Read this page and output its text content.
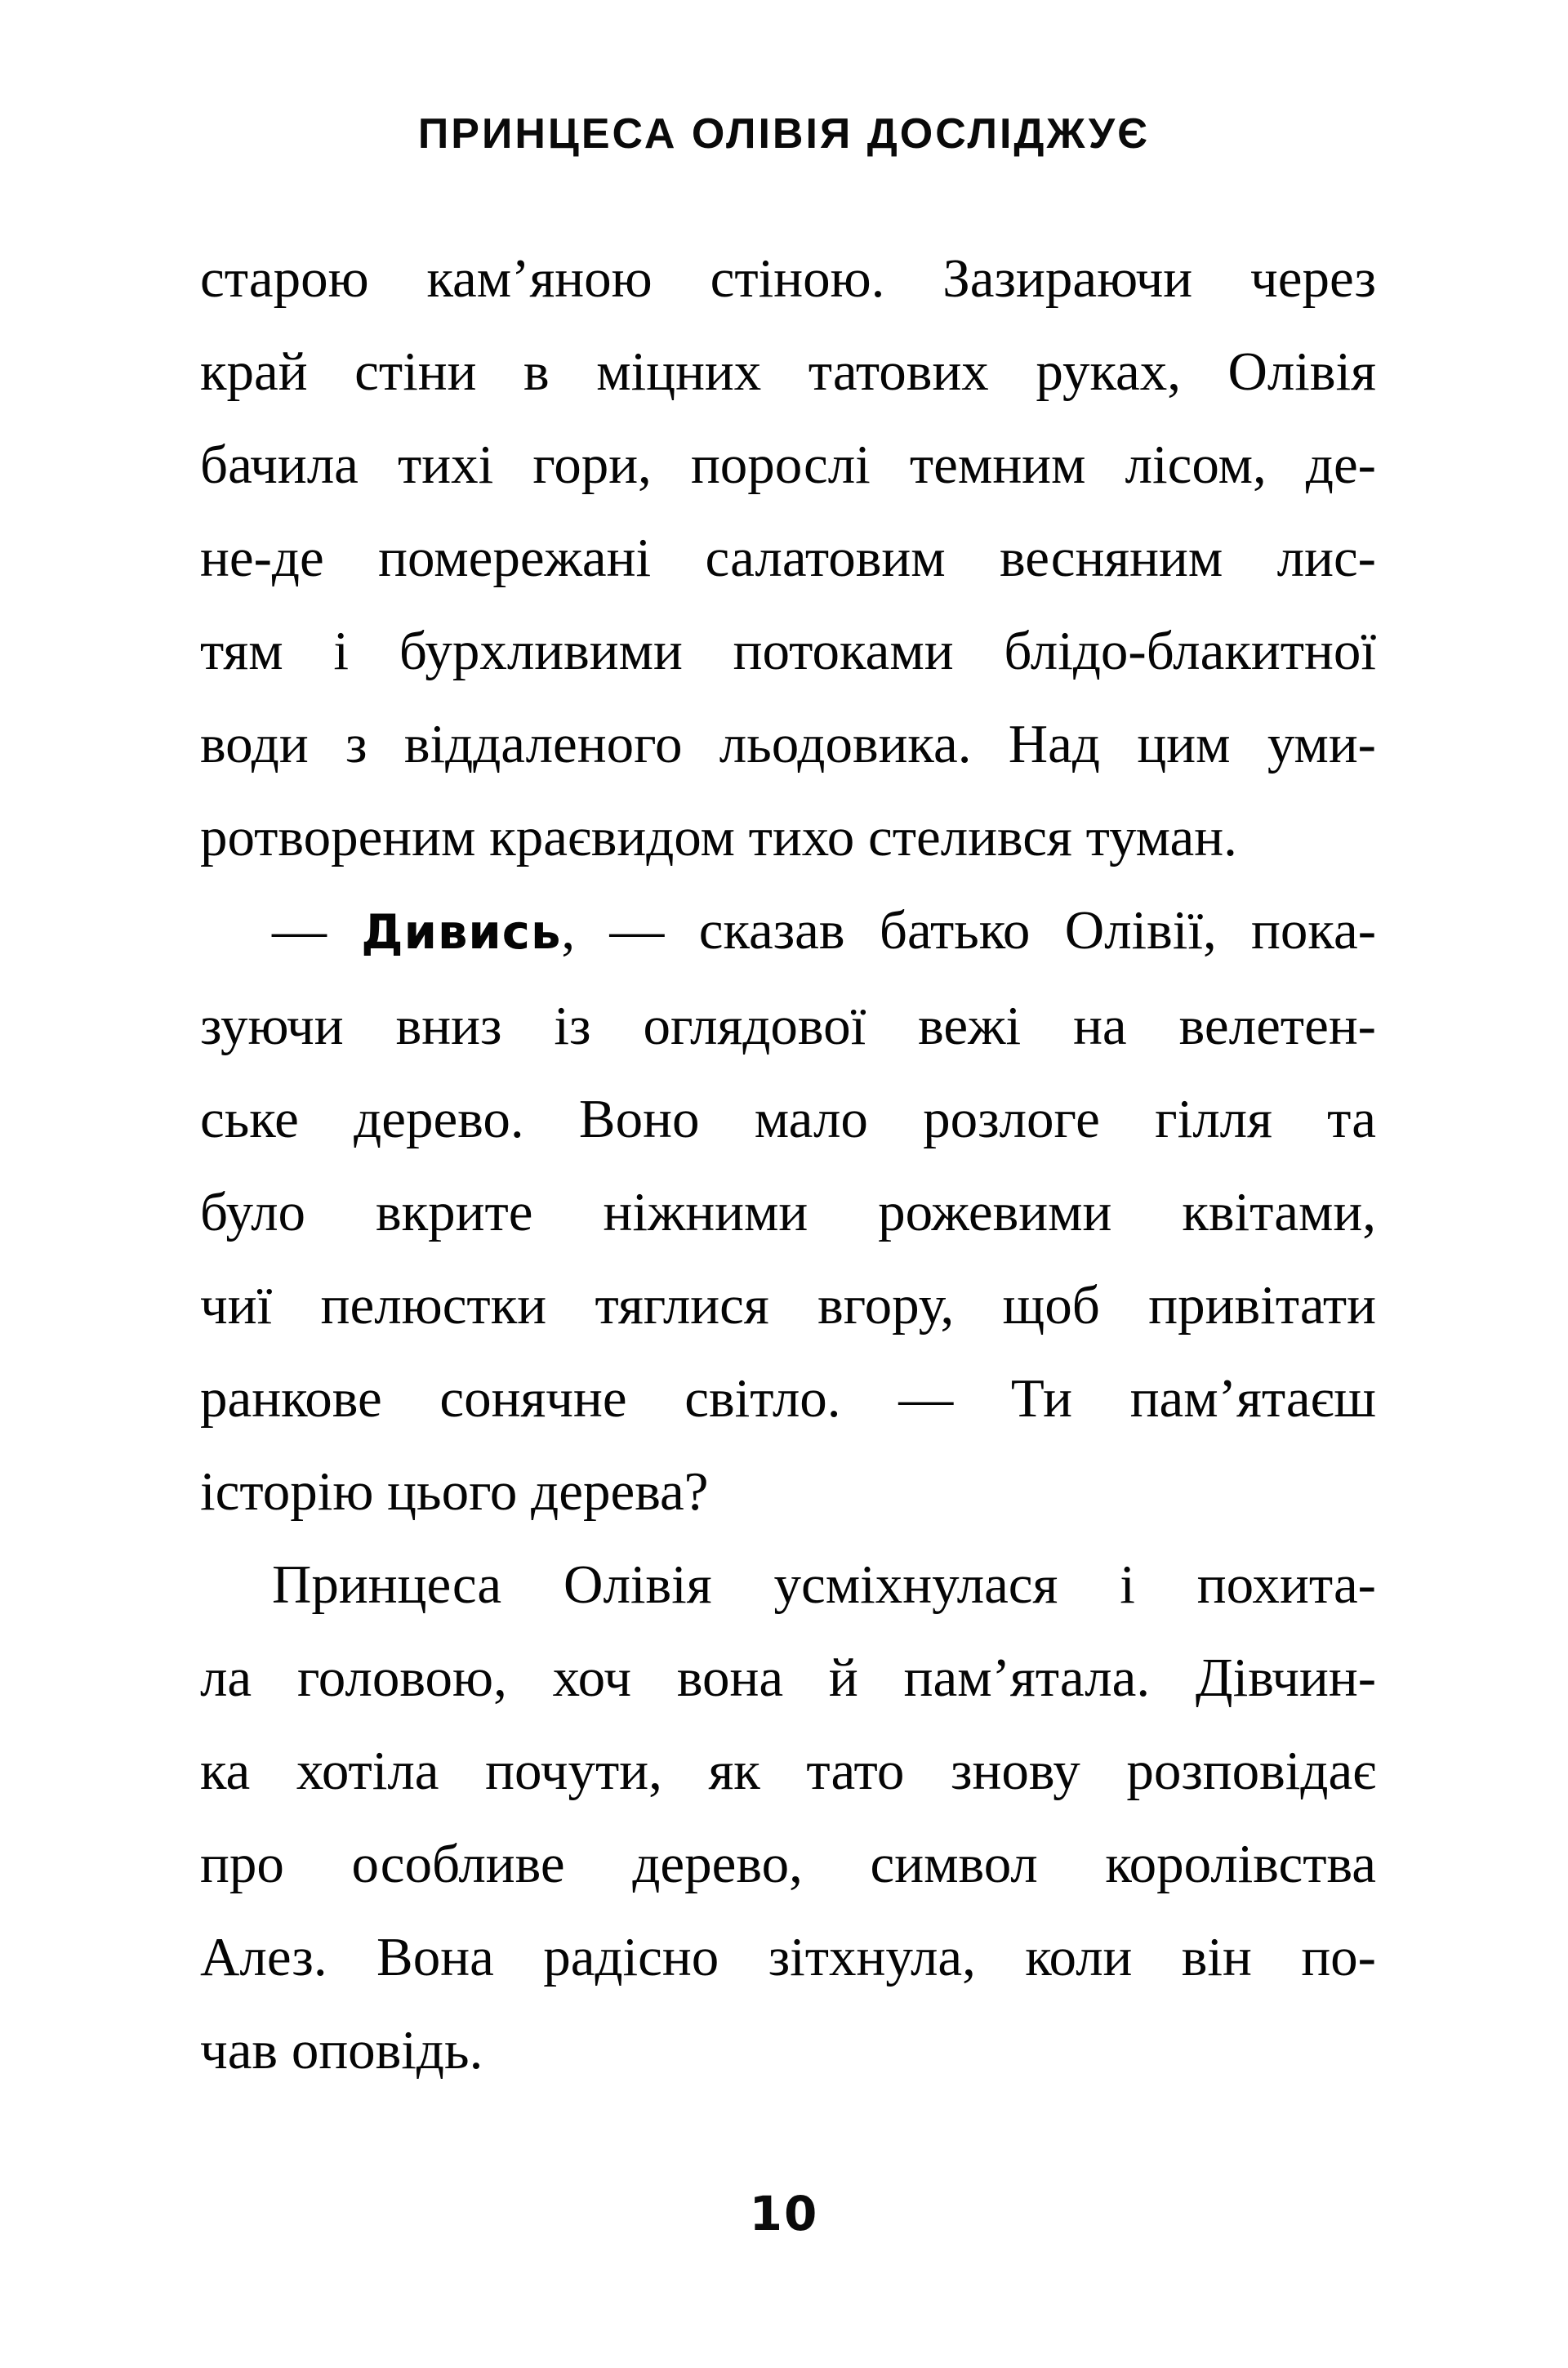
ПРИНЦЕСА ОЛІВІЯ ДОСЛІДЖУЄ
старою кам’яною стіною. Зазираючи через
край стіни в міцних татових руках, Олівія
бачила тихі гори, порослі темним лісом, де-
не-де помережані салатовим весняним лис-
тям і бурхливими потоками блідо-блакитної
води з віддаленого льодовика. Над цим уми-
ротвореним краєвидом тихо стелився туман.
— Дивись, — сказав батько Олівії, пока-
зуючи вниз із оглядової вежі на велетен-
ське дерево. Воно мало розлоге гілля та
було вкрите ніжними рожевими квітами,
чиї пелюстки тяглися вгору, щоб привітати
ранкове сонячне світло. — Ти пам’ятаєш
історію цього дерева?
Принцеса Олівія усміхнулася і похита-
ла головою, хоч вона й пам’ятала. Дівчин-
ка хотіла почути, як тато знову розповідає
про особливе дерево, символ королівства
Алез. Вона радісно зітхнула, коли він по-
чав оповідь.
10
